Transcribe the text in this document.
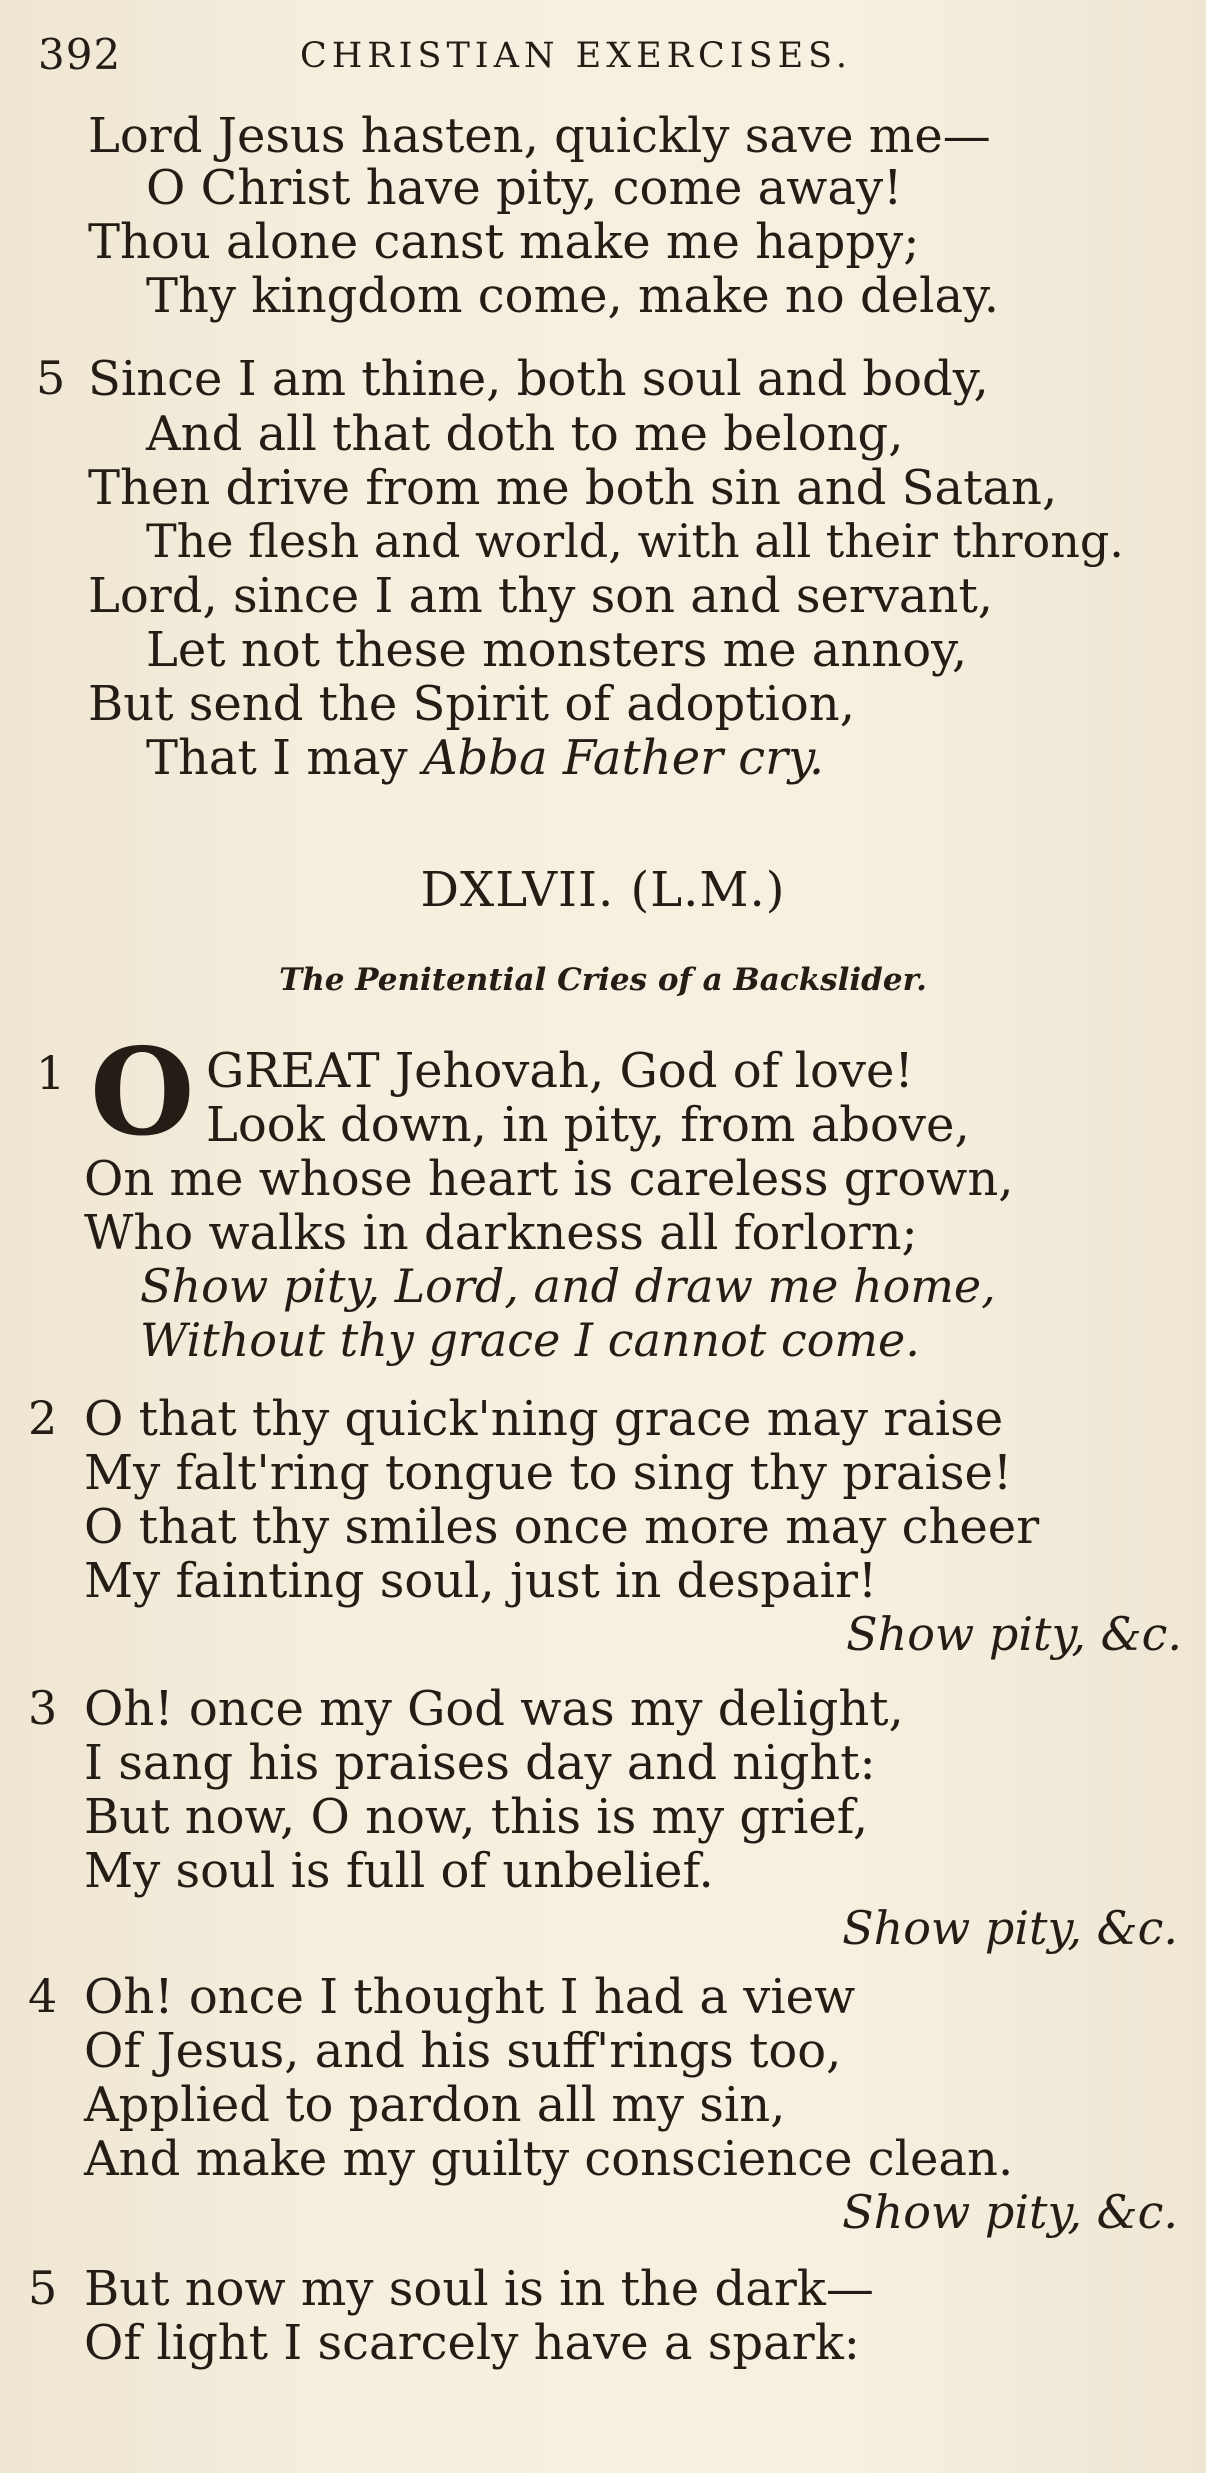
392	CHRISTIAN EXERCISES.
Lord Jesus hasten, quickly save me—
O Christ have pity, come away!
Thou alone canst make me happy;
Thy kingdom come, make no delay.
5 Since I am thine, both soul and body,
And all that doth to me belong,
Then drive from me both sin and Satan,
The flesh and world, with all their throng.
Lord, since I am thy son and servant,
Let not these monsters me annoy,
But send the Spirit of adoption,
That I may Abba Father cry.
DXLVII. (L.M.)
The Penitential Cries of a Backslider.
1 O GREAT Jehovah, God of love!
Look down, in pity, from above,
On me whose heart is careless grown,
Who walks in darkness all forlorn;
Show pity, Lord, and draw me home,
Without thy grace I cannot come.
2 O that thy quick'ning grace may raise
My falt'ring tongue to sing thy praise!
O that thy smiles once more may cheer
My fainting soul, just in despair!
Show pity, &c.
3 Oh! once my God was my delight,
I sang his praises day and night:
But now, O now, this is my grief,
My soul is full of unbelief.
Show pity, &c.
4 Oh! once I thought I had a view
Of Jesus, and his suff'rings too,
Applied to pardon all my sin,
And make my guilty conscience clean.
Show pity, &c.
5 But now my soul is in the dark—
Of light I scarcely have a spark:
